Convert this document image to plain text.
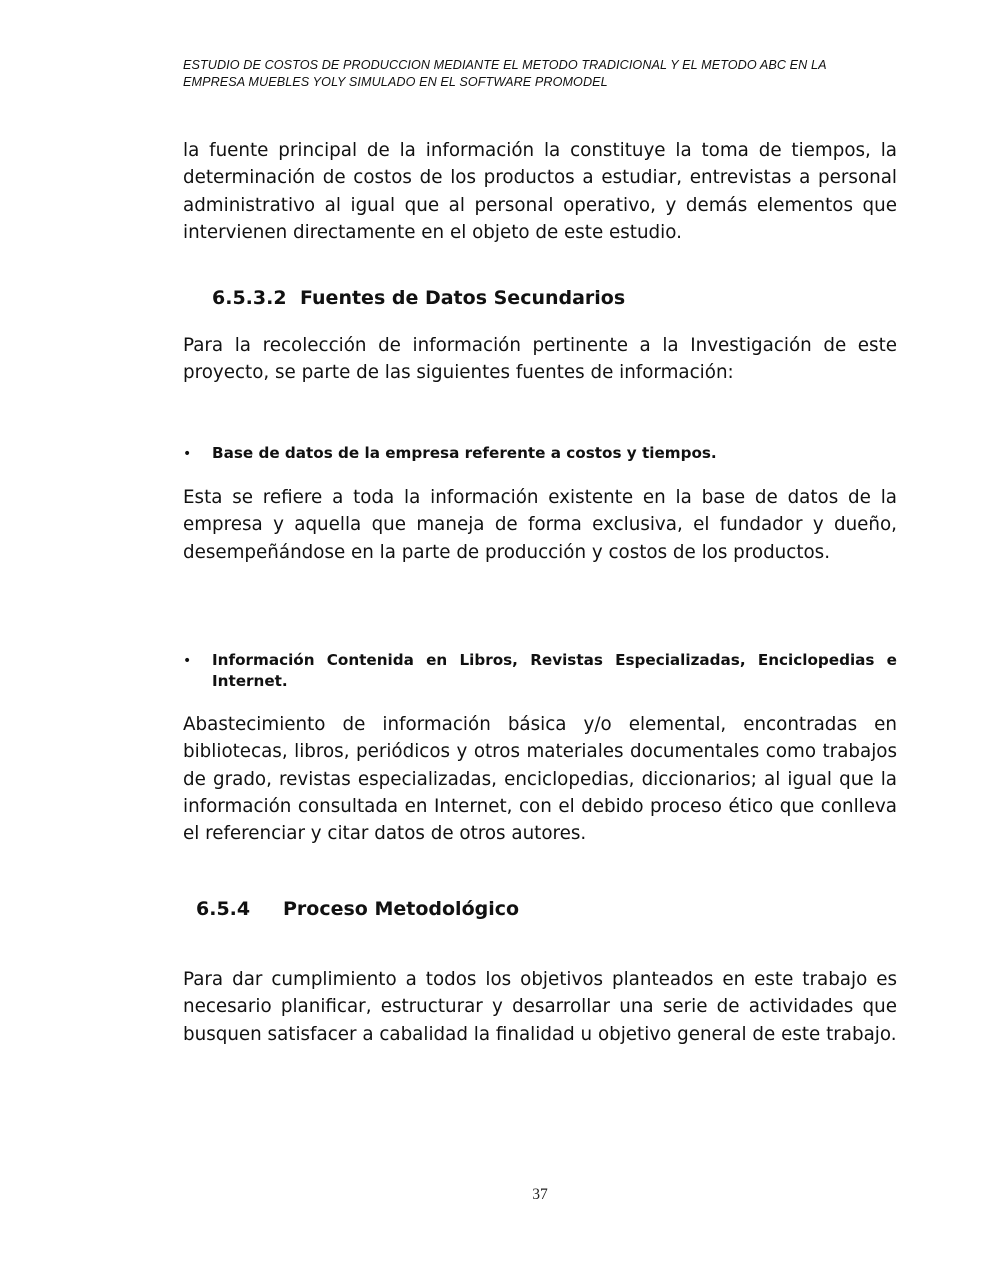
ESTUDIO DE COSTOS DE PRODUCCION MEDIANTE EL METODO TRADICIONAL Y EL METODO ABC EN LA
EMPRESA MUEBLES YOLY SIMULADO EN EL SOFTWARE PROMODEL

la fuente principal de la información la constituye la toma de tiempos, la determinación de costos de los productos a estudiar, entrevistas a personal administrativo al igual que al personal operativo, y demás elementos que intervienen directamente en el objeto de este estudio.

6.5.3.2 Fuentes de Datos Secundarios

Para la recolección de información pertinente a la Investigación de este proyecto, se parte de las siguientes fuentes de información:

• Base de datos de la empresa referente a costos y tiempos.

Esta se refiere a toda la información existente en la base de datos de la empresa y aquella que maneja de forma exclusiva, el fundador y dueño, desempeñándose en la parte de producción y costos de los productos.

• Información Contenida en Libros, Revistas Especializadas, Enciclopedias e Internet.

Abastecimiento de información básica y/o elemental, encontradas en bibliotecas, libros, periódicos y otros materiales documentales como trabajos de grado, revistas especializadas, enciclopedias, diccionarios; al igual que la información consultada en Internet, con el debido proceso ético que conlleva el referenciar y citar datos de otros autores.

6.5.4 Proceso Metodológico

Para dar cumplimiento a todos los objetivos planteados en este trabajo es necesario planificar, estructurar y desarrollar una serie de actividades que busquen satisfacer a cabalidad la finalidad u objetivo general de este trabajo.

37
